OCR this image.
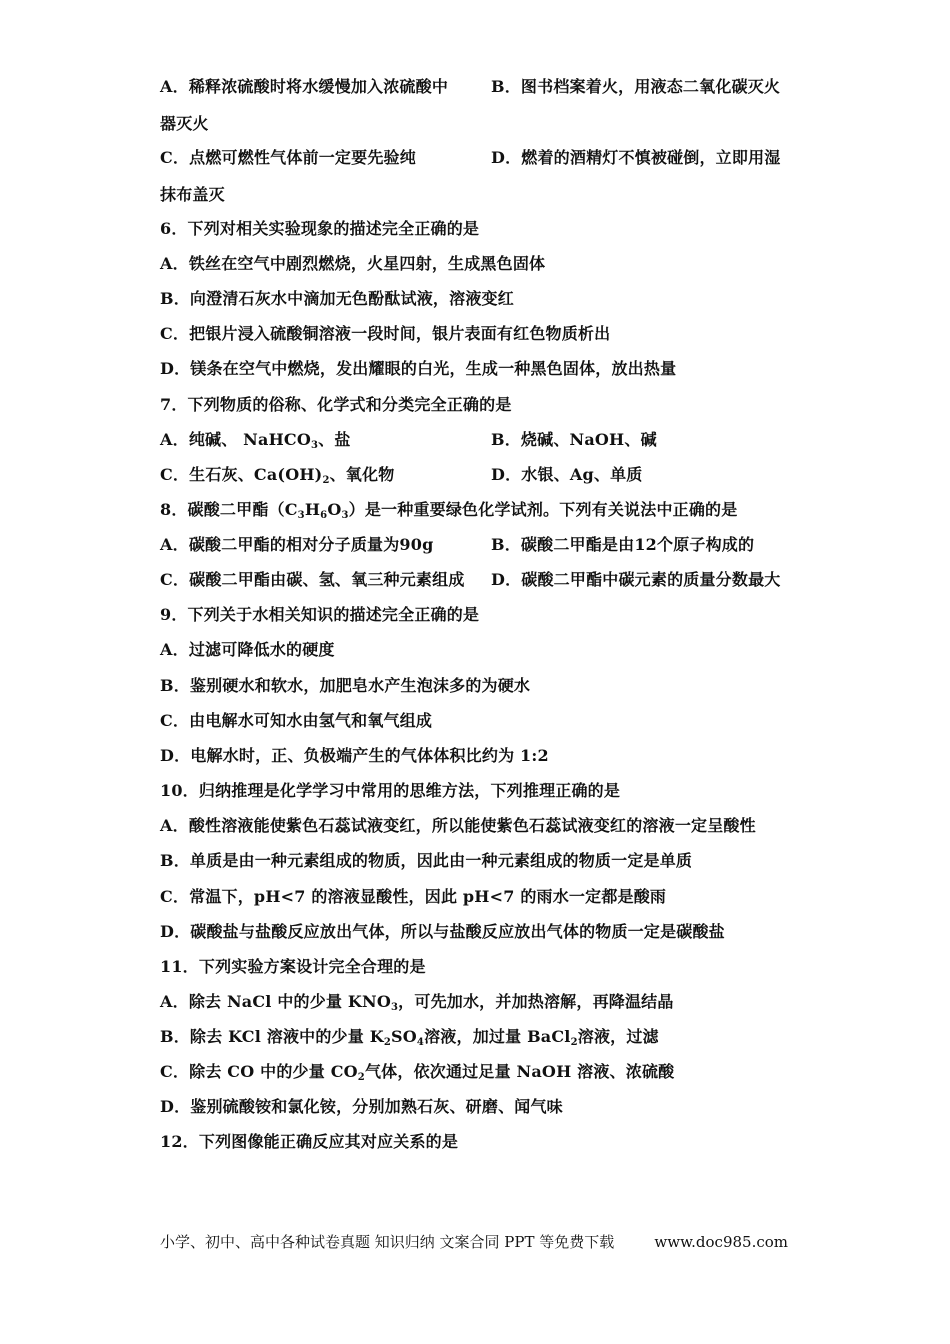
A．稀释浓硫酸时将水缓慢加入浓硫酸中	B．图书档案着火，用液态二氧化碳灭火
器灭火
C．点燃可燃性气体前一定要先验纯	D．燃着的酒精灯不慎被碰倒，立即用湿
抹布盖灭
6．下列对相关实验现象的描述完全正确的是
A．铁丝在空气中剧烈燃烧，火星四射，生成黑色固体
B．向澄清石灰水中滴加无色酚酞试液，溶液变红
C．把银片浸入硫酸铜溶液一段时间，银片表面有红色物质析出
D．镁条在空气中燃烧，发出耀眼的白光，生成一种黑色固体，放出热量
7．下列物质的俗称、化学式和分类完全正确的是
A．纯碱、 NaHCO$_3$、盐	B．烧碱、NaOH、碱
C．生石灰、$Ca(OH)_2$、氧化物	D．水银、Ag、单质
8．碳酸二甲酯$(C_3H_6O_3)$是一种重要绿色化学试剂。下列有关说法中正确的是
A．碳酸二甲酯的相对分子质量为90g	B．碳酸二甲酯是由12个原子构成的
C．碳酸二甲酯由碳、氢、氧三种元素组成 D．碳酸二甲酯中碳元素的质量分数最大
9．下列关于水相关知识的描述完全正确的是
A．过滤可降低水的硬度
B．鉴别硬水和软水，加肥皂水产生泡沫多的为硬水
C．由电解水可知水由氢气和氧气组成
D．电解水时，正、负极端产生的气体体积比约为 1:2
10．归纳推理是化学学习中常用的思维方法，下列推理正确的是
A．酸性溶液能使紫色石蕊试液变红，所以能使紫色石蕊试液变红的溶液一定呈酸性
B．单质是由一种元素组成的物质，因此由一种元素组成的物质一定是单质
C．常温下，pH<7 的溶液显酸性，因此 pH<7 的雨水一定都是酸雨
D．碳酸盐与盐酸反应放出气体，所以与盐酸反应放出气体的物质一定是碳酸盐
11．下列实验方案设计完全合理的是
A．除去 NaCl 中的少量 $KNO_3$，可先加水，并加热溶解，再降温结晶
B．除去 KCl 溶液中的少量 $K_2SO_4$溶液，加过量 BaCl$_2$溶液，过滤
C．除去 CO 中的少量 $CO_2$气体，依次通过足量 NaOH 溶液、浓硫酸
D．鉴别硫酸铵和氯化铵，分别加熟石灰、研磨、闻气味
12．下列图像能正确反应其对应关系的是
小学、初中、高中各种试卷真题 知识归纳 文案合同 PPT 等免费下载	www.doc985.com
